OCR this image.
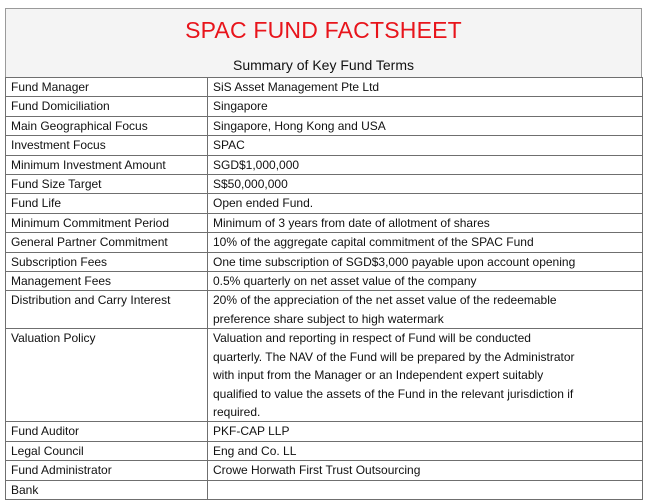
SPAC FUND FACTSHEET
Summary of Key Fund Terms
Fund Manager	SiS Asset Management Pte Ltd
Fund Domiciliation	Singapore
Main Geographical Focus	Singapore, Hong Kong and USA
Investment Focus	SPAC
Minimum Investment Amount	SGD$1,000,000
Fund Size Target	S$50,000,000
Fund Life	Open ended Fund.
Minimum Commitment Period	Minimum of 3 years from date of allotment of shares
General Partner Commitment	10% of the aggregate capital commitment of the SPAC Fund
Subscription Fees	One time subscription of SGD$3,000 payable upon account opening
Management Fees	0.5% quarterly on net asset value of the company
Distribution and Carry Interest	20% of the appreciation of the net asset value of the redeemable
preference share subject to high watermark
Valuation Policy	Valuation and reporting in respect of Fund will be conducted
quarterly. The NAV of the Fund will be prepared by the Administrator
with input from the Manager or an Independent expert suitably
qualified to value the assets of the Fund in the relevant jurisdiction if
required.
Fund Auditor	PKF-CAP LLP
Legal Council	Eng and Co. LL
Fund Administrator	Crowe Horwath First Trust Outsourcing
Bank	
